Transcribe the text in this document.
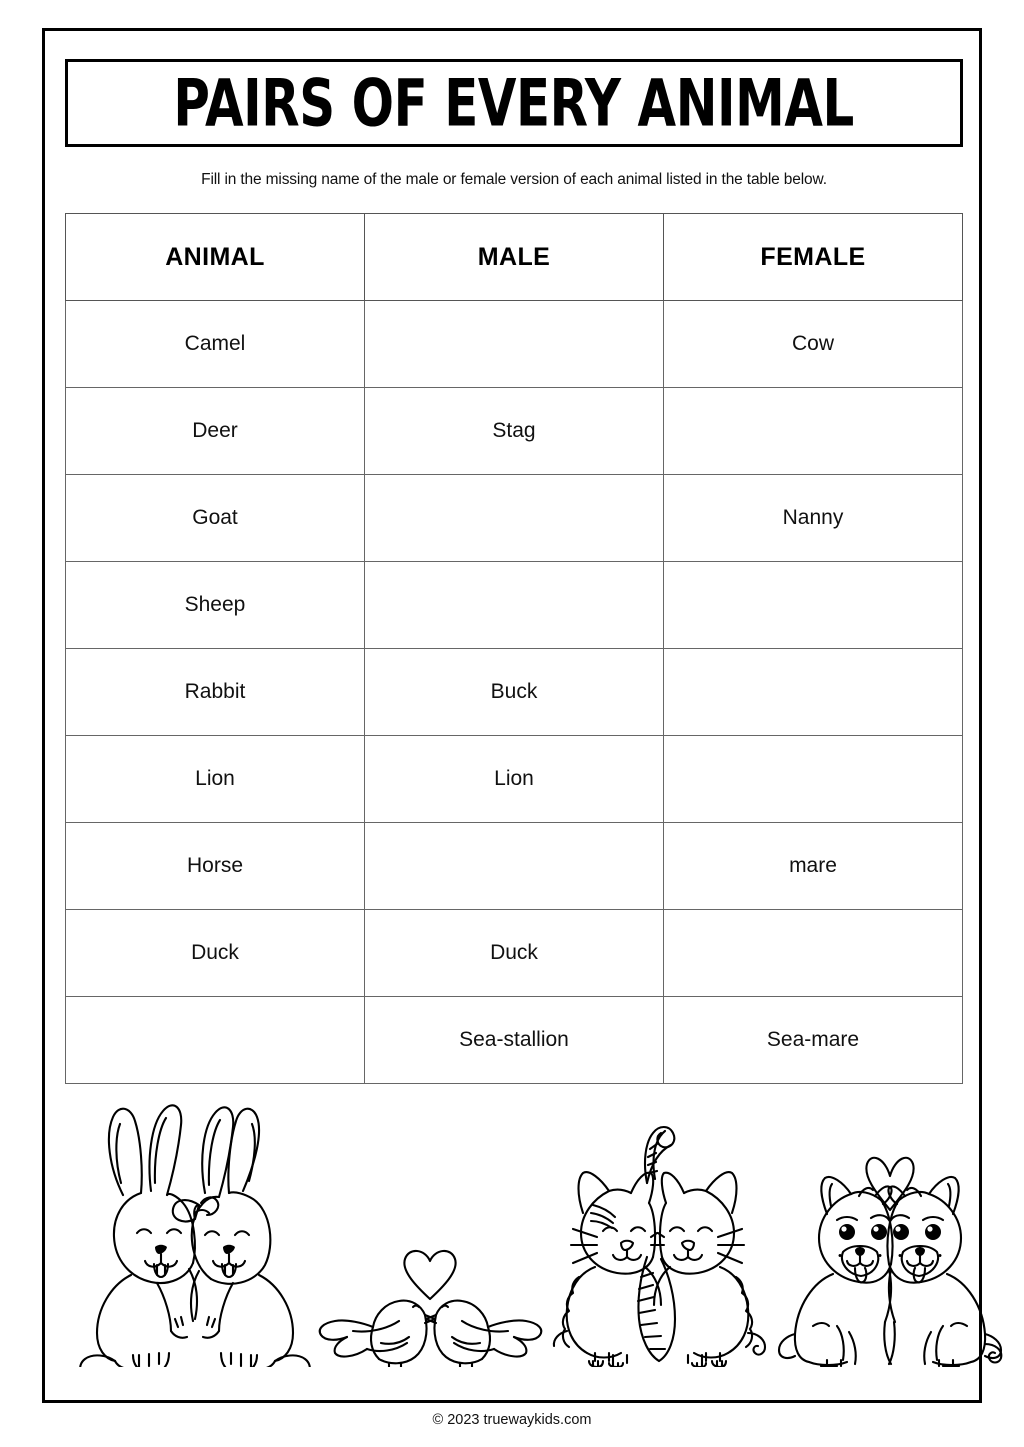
PAIRS OF EVERY ANIMAL
Fill in the missing name of the male or female version of each animal listed in the table below.
ANIMAL	MALE	FEMALE
Camel		Cow
Deer	Stag	
Goat		Nanny
Sheep		
Rabbit	Buck	
Lion	Lion	
Horse		mare
Duck	Duck	
	Sea-stallion	Sea-mare
© 2023 truewaykids.com
